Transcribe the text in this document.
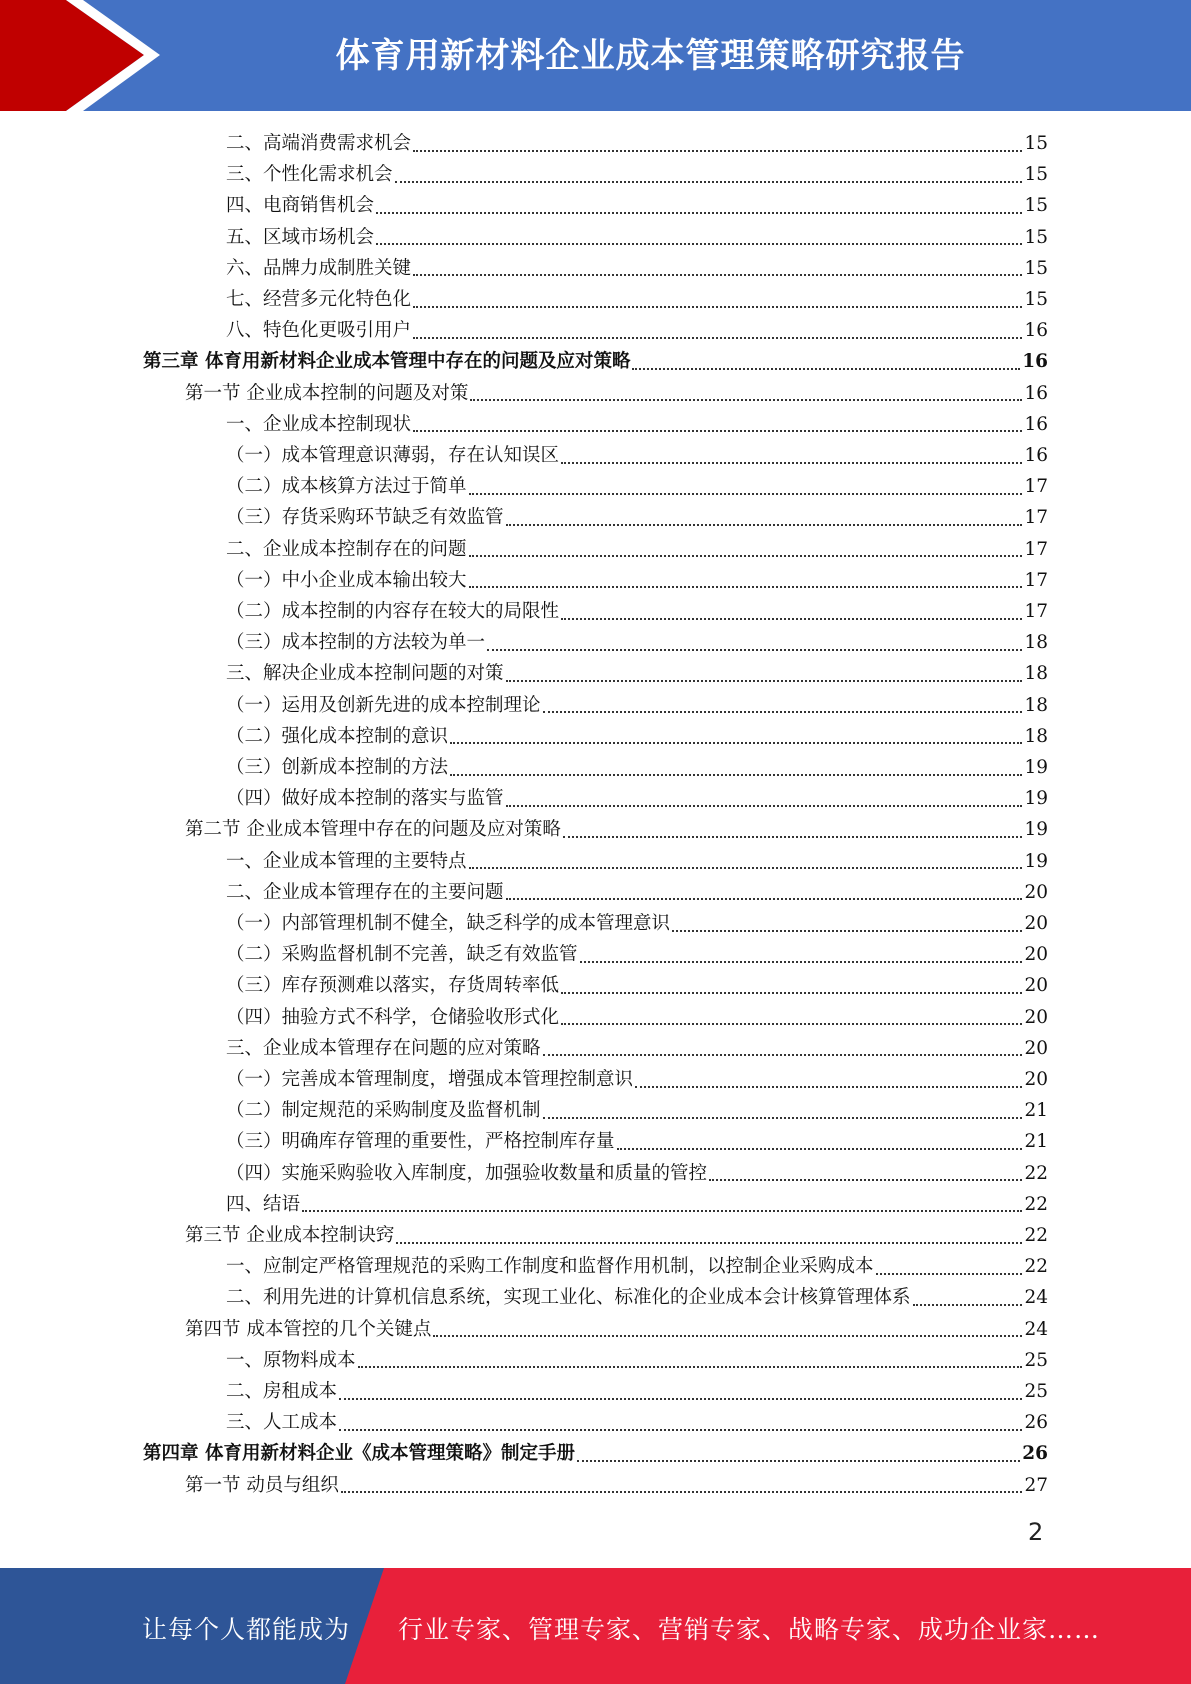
体育用新材料企业成本管理策略研究报告
二、高端消费需求机会	15
三、个性化需求机会	15
四、电商销售机会	15
五、区域市场机会	15
六、品牌力成制胜关键	15
七、经营多元化特色化	15
八、特色化更吸引用户	16
第三章 体育用新材料企业成本管理中存在的问题及应对策略	16
第一节 企业成本控制的问题及对策	16
一、企业成本控制现状	16
（一）成本管理意识薄弱，存在认知误区	16
（二）成本核算方法过于简单	17
（三）存货采购环节缺乏有效监管	17
二、企业成本控制存在的问题	17
（一）中小企业成本输出较大	17
（二）成本控制的内容存在较大的局限性	17
（三）成本控制的方法较为单一	18
三、解决企业成本控制问题的对策	18
（一）运用及创新先进的成本控制理论	18
（二）强化成本控制的意识	18
（三）创新成本控制的方法	19
（四）做好成本控制的落实与监管	19
第二节 企业成本管理中存在的问题及应对策略	19
一、企业成本管理的主要特点	19
二、企业成本管理存在的主要问题	20
（一）内部管理机制不健全，缺乏科学的成本管理意识	20
（二）采购监督机制不完善，缺乏有效监管	20
（三）库存预测难以落实，存货周转率低	20
（四）抽验方式不科学，仓储验收形式化	20
三、企业成本管理存在问题的应对策略	20
（一）完善成本管理制度，增强成本管理控制意识	20
（二）制定规范的采购制度及监督机制	21
（三）明确库存管理的重要性，严格控制库存量	21
（四）实施采购验收入库制度，加强验收数量和质量的管控	22
四、结语	22
第三节 企业成本控制诀窍	22
一、应制定严格管理规范的采购工作制度和监督作用机制，以控制企业采购成本	22
二、利用先进的计算机信息系统，实现工业化、标准化的企业成本会计核算管理体系	24
第四节 成本管控的几个关键点	24
一、原物料成本	25
二、房租成本	25
三、人工成本	26
第四章 体育用新材料企业《成本管理策略》制定手册	26
第一节 动员与组织	27
2
让每个人都能成为 行业专家、管理专家、营销专家、战略专家、成功企业家……
